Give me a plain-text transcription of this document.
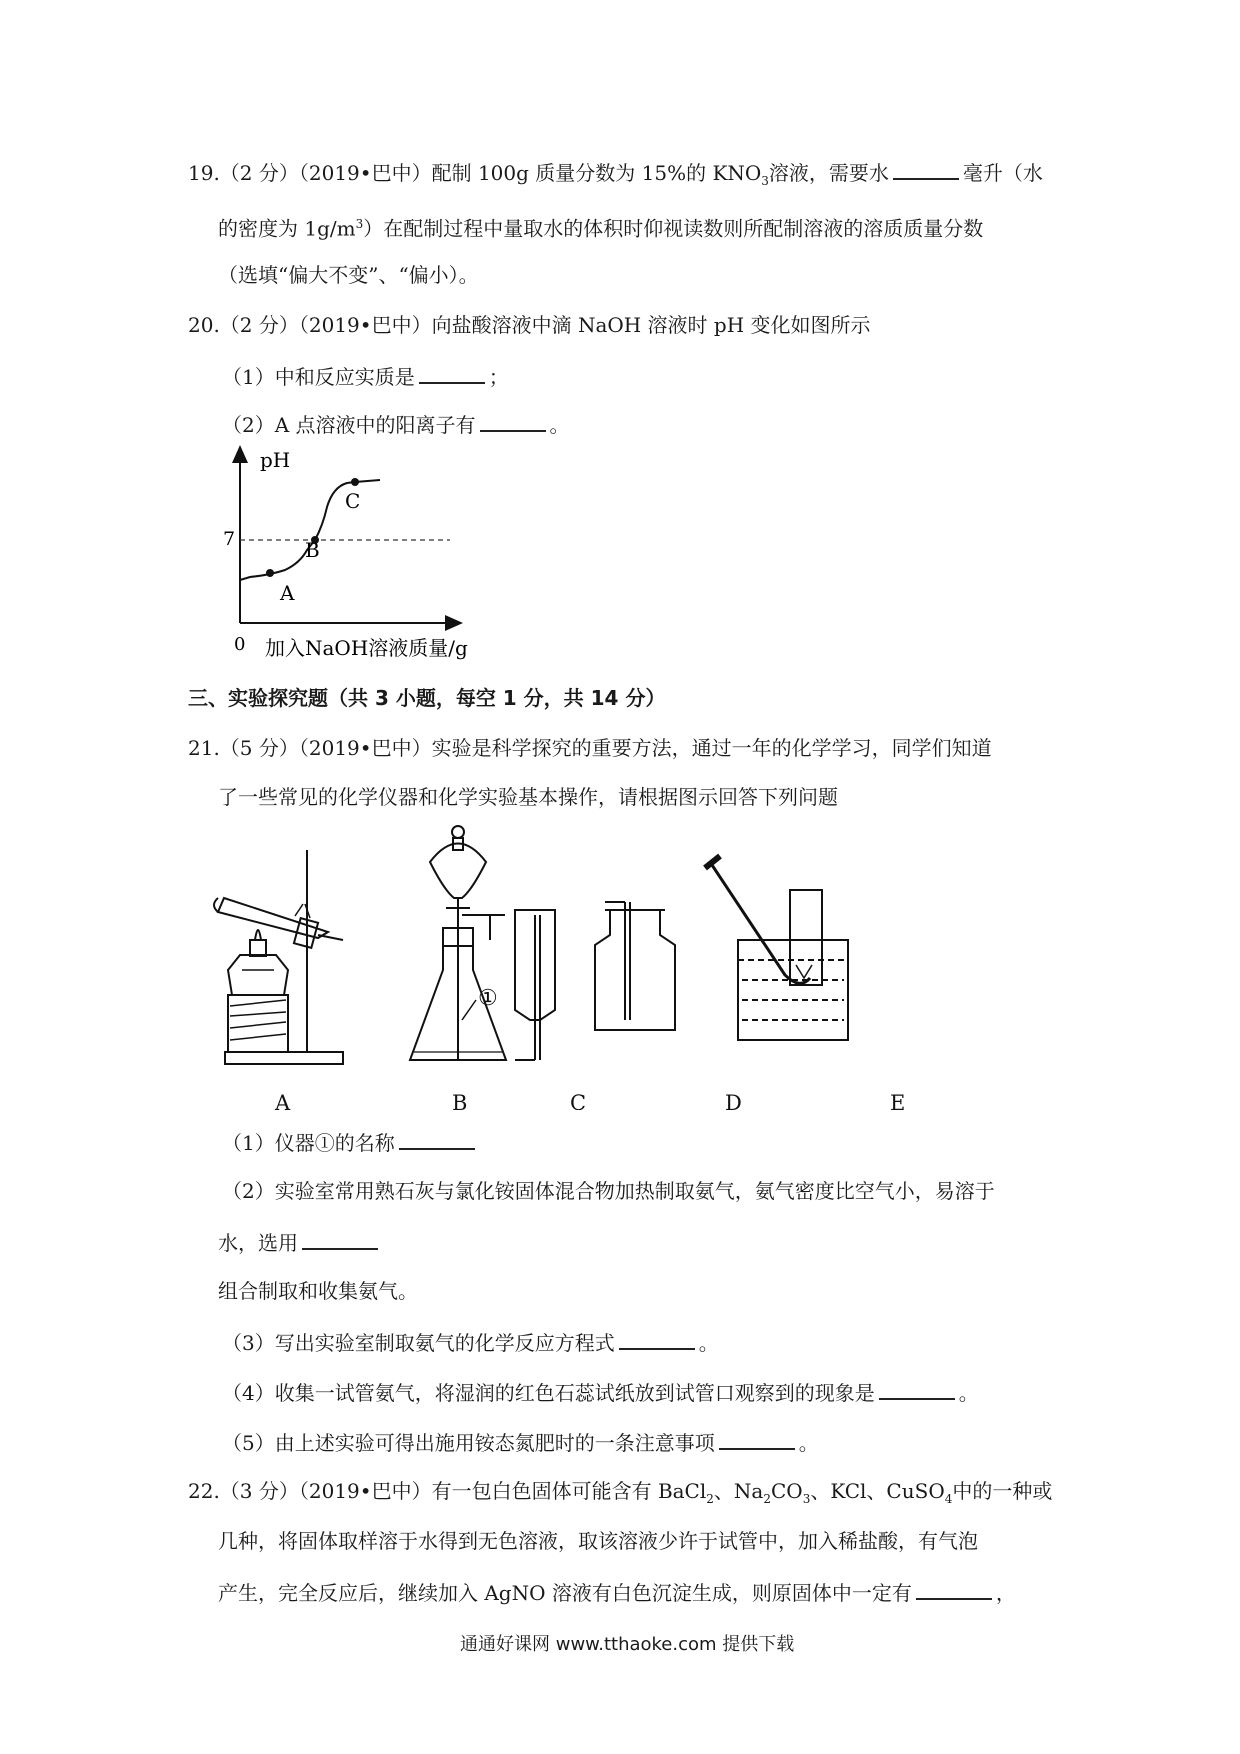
19.（2 分）（2019•巴中）配制 100g 质量分数为 15%的 $KNO_3$溶液，需要水	毫升（水
的密度为 $1g/m^3$）在配制过程中量取水的体积时仰视读数则所配制溶液的溶质质量分数
（选填“偏大不变”、“偏小）。
20.（2 分）（2019•巴中）向盐酸溶液中滴 NaOH 溶液时 pH 变化如图所示
（1）中和反应实质是	；
（2）A 点溶液中的阳离子有	。
pH
7
A
B
C
0 加入NaOH溶液质量/g
三、实验探究题（共 3 小题，每空 1 分，共 14 分）
21.（5 分）（2019•巴中）实验是科学探究的重要方法，通过一年的化学学习，同学们知道
了一些常见的化学仪器和化学实验基本操作，请根据图示回答下列问题
①
A	B	C	D	E
（1）仪器①的名称
（2）实验室常用熟石灰与氯化铵固体混合物加热制取氨气，氨气密度比空气小，易溶于
水，选用
组合制取和收集氨气。
（3）写出实验室制取氨气的化学反应方程式	。
（4）收集一试管氨气，将湿润的红色石蕊试纸放到试管口观察到的现象是	。
（5）由上述实验可得出施用铵态氮肥时的一条注意事项	。
22.（3 分）（2019•巴中）有一包白色固体可能含有 BaCl$_2$、$Na_2CO_3$、KCl、CuSO$_4$中的一种或
几种，将固体取样溶于水得到无色溶液，取该溶液少许于试管中，加入稀盐酸，有气泡
产生，完全反应后，继续加入 AgNO 溶液有白色沉淀生成，则原固体中一定有	，
通通好课网 www.tthaoke.com 提供下载
